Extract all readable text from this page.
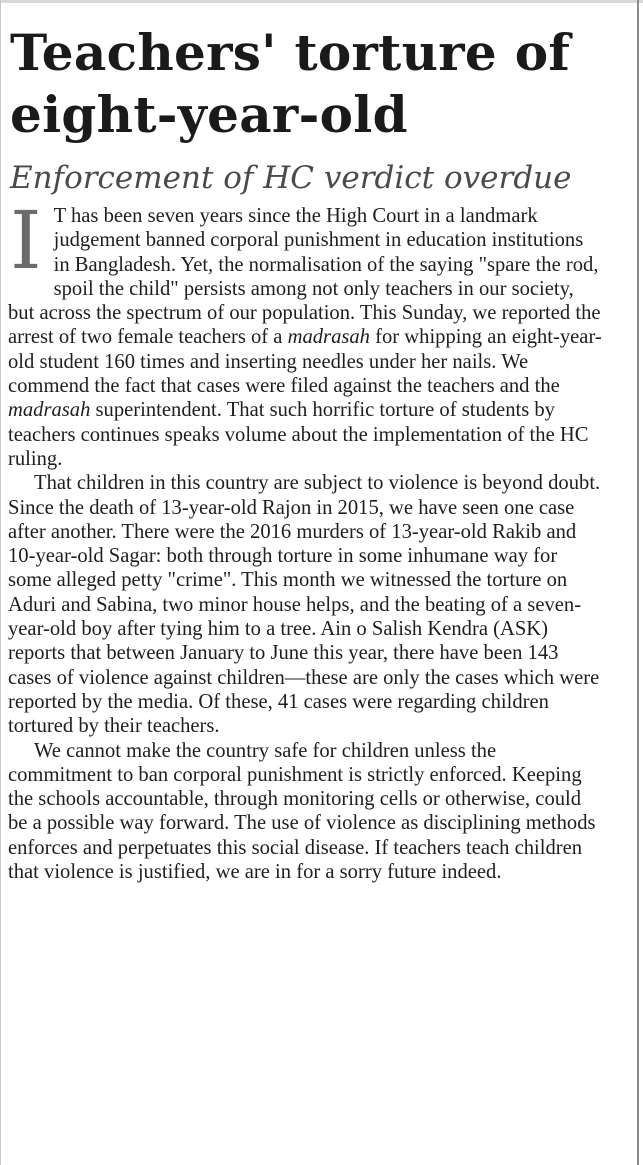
Teachers' torture of eight-year-old
Enforcement of HC verdict overdue

I T has been seven years since the High Court in a landmark judgement banned corporal punishment in education institutions in Bangladesh. Yet, the normalisation of the saying "spare the rod, spoil the child" persists among not only teachers in our society, but across the spectrum of our population. This Sunday, we reported the arrest of two female teachers of a madrasah for whipping an eight-year-old student 160 times and inserting needles under her nails. We commend the fact that cases were filed against the teachers and the madrasah superintendent. That such horrific torture of students by teachers continues speaks volume about the implementation of the HC ruling.

That children in this country are subject to violence is beyond doubt. Since the death of 13-year-old Rajon in 2015, we have seen one case after another. There were the 2016 murders of 13-year-old Rakib and 10-year-old Sagar: both through torture in some inhumane way for some alleged petty "crime". This month we witnessed the torture on Aduri and Sabina, two minor house helps, and the beating of a seven-year-old boy after tying him to a tree. Ain o Salish Kendra (ASK) reports that between January to June this year, there have been 143 cases of violence against children—these are only the cases which were reported by the media. Of these, 41 cases were regarding children tortured by their teachers.

We cannot make the country safe for children unless the commitment to ban corporal punishment is strictly enforced. Keeping the schools accountable, through monitoring cells or otherwise, could be a possible way forward. The use of violence as disciplining methods enforces and perpetuates this social disease. If teachers teach children that violence is justified, we are in for a sorry future indeed.
